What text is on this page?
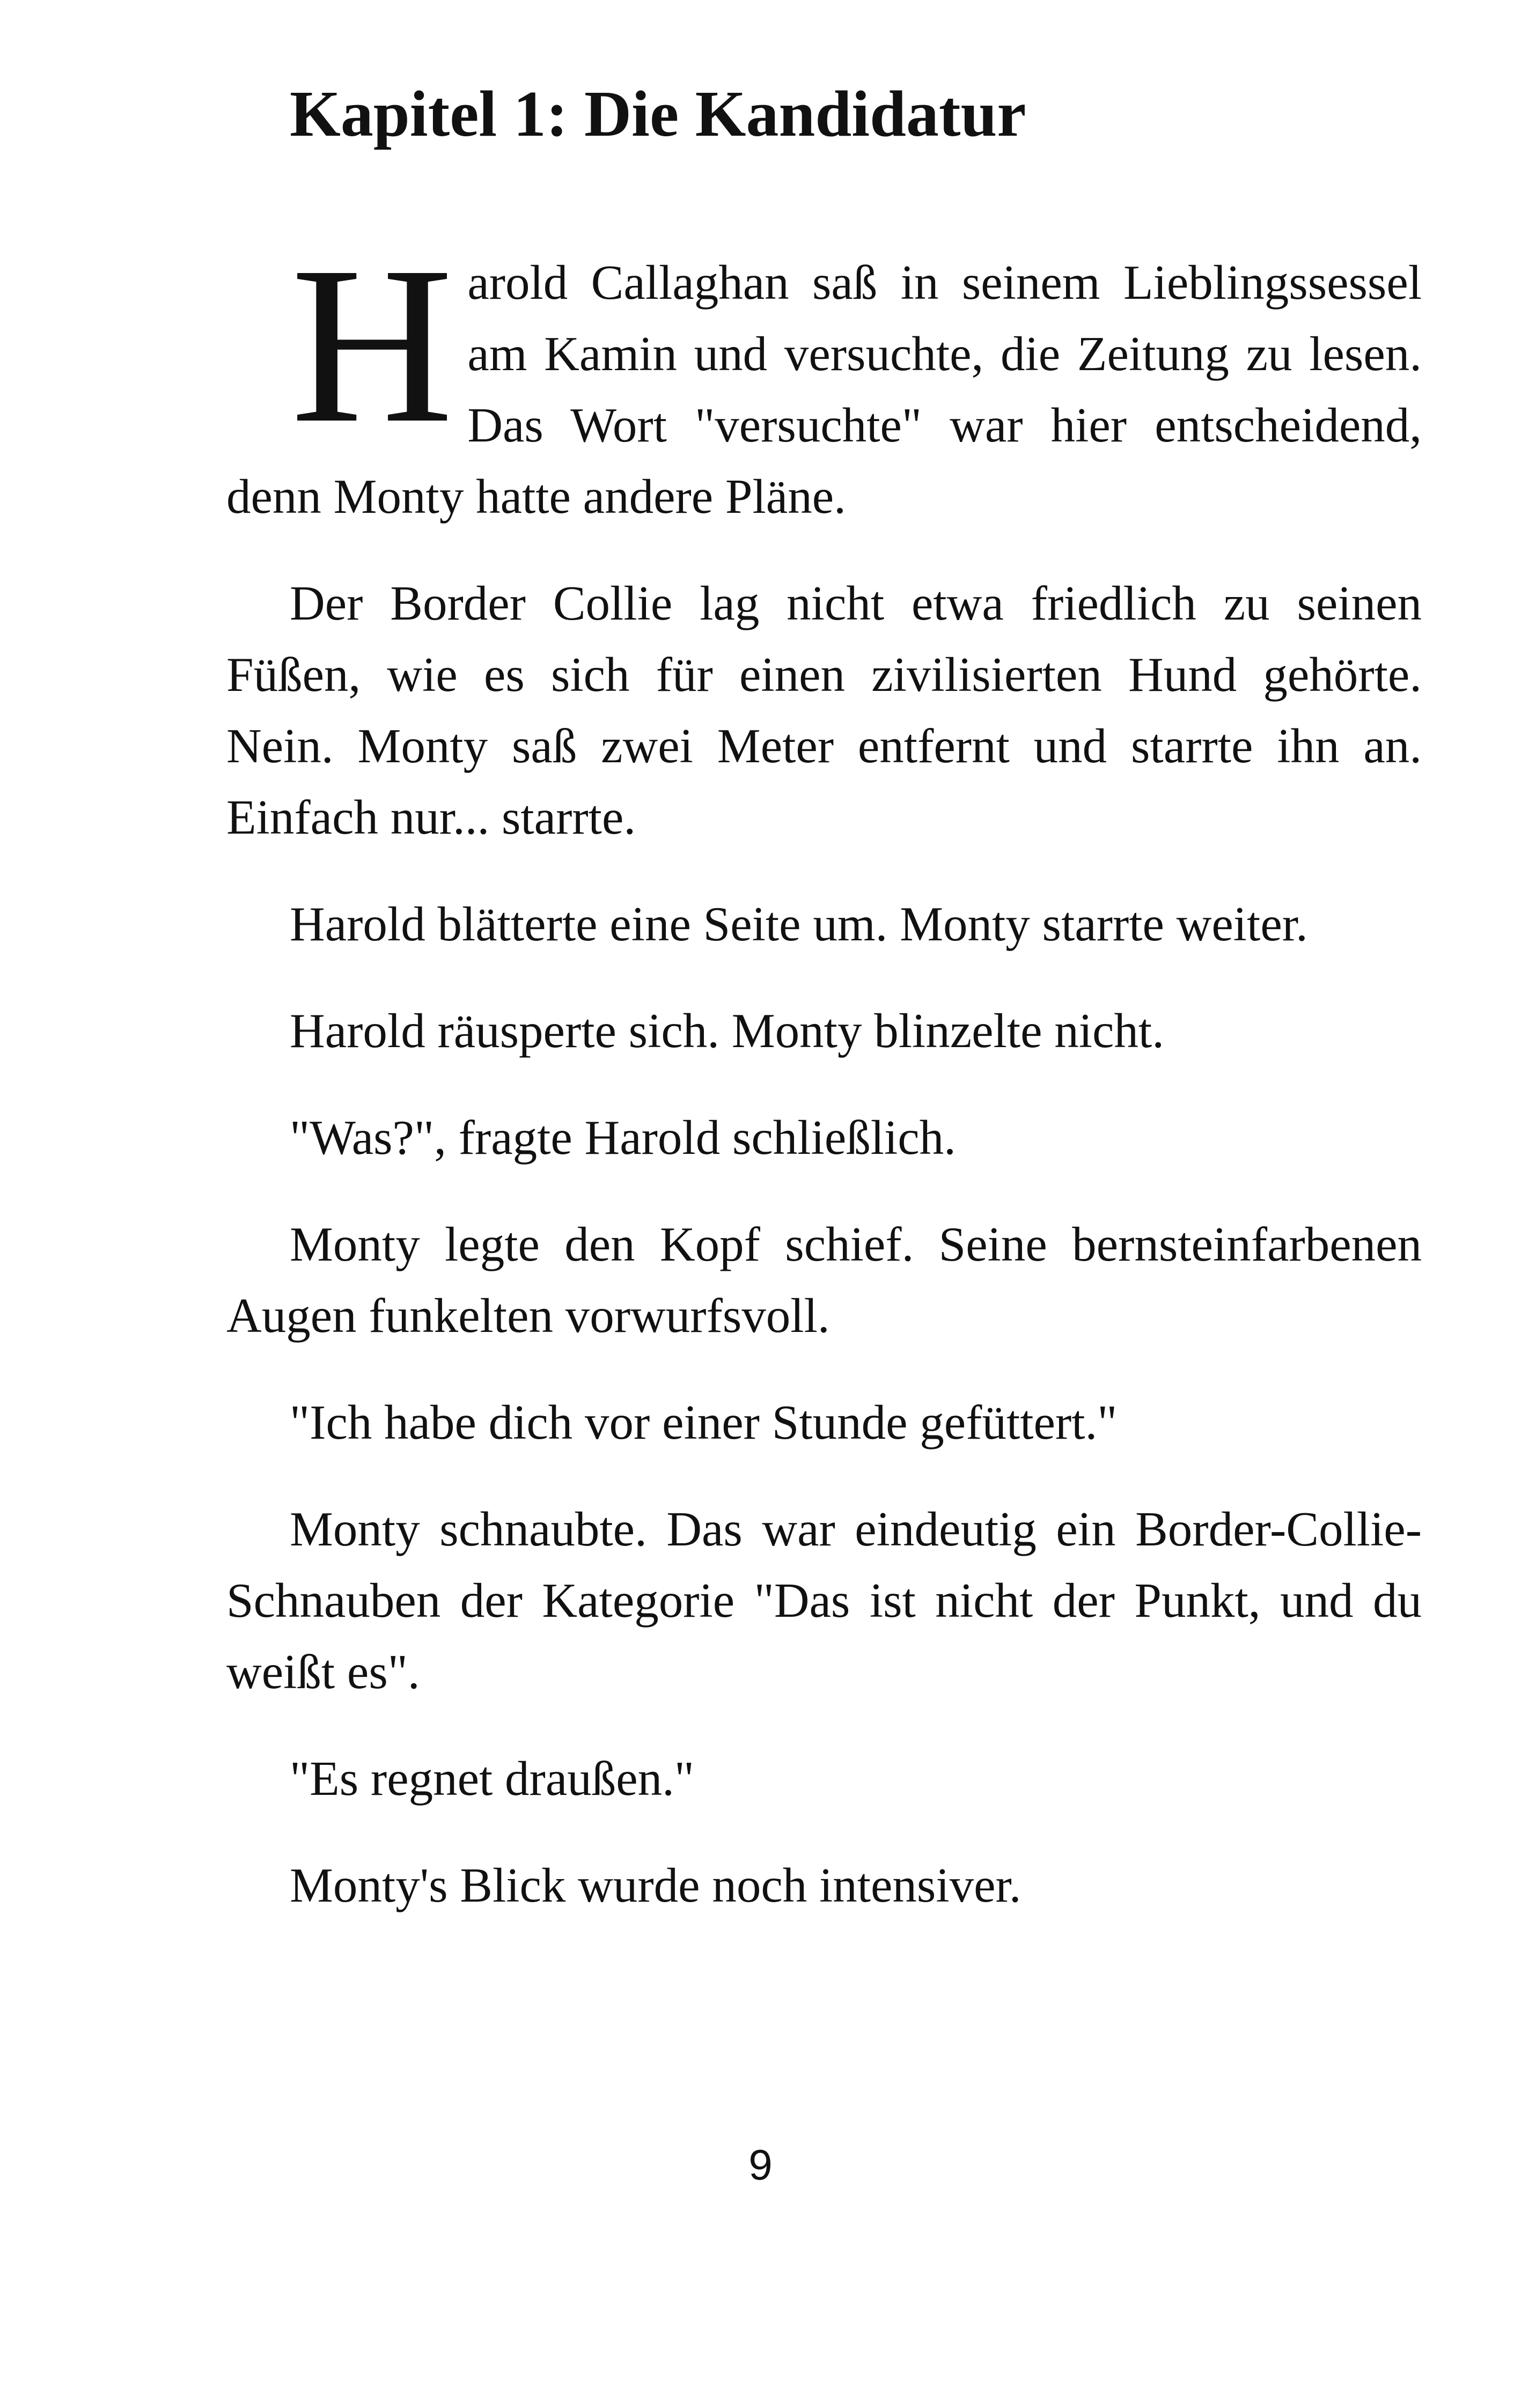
Kapitel 1: Die Kandidatur

Harold Callaghan saß in seinem Lieblingssessel am Kamin und versuchte, die Zeitung zu lesen. Das Wort "versuchte" war hier entscheidend, denn Monty hatte andere Pläne.

Der Border Collie lag nicht etwa friedlich zu seinen Füßen, wie es sich für einen zivilisierten Hund gehörte. Nein. Monty saß zwei Meter entfernt und starrte ihn an. Einfach nur... starrte.

Harold blätterte eine Seite um. Monty starrte weiter.

Harold räusperte sich. Monty blinzelte nicht.

"Was?", fragte Harold schließlich.

Monty legte den Kopf schief. Seine bernsteinfarbenen Augen funkelten vorwurfsvoll.

"Ich habe dich vor einer Stunde gefüttert."

Monty schnaubte. Das war eindeutig ein Border-Collie-Schnauben der Kategorie "Das ist nicht der Punkt, und du weißt es".

"Es regnet draußen."

Monty's Blick wurde noch intensiver.

9
